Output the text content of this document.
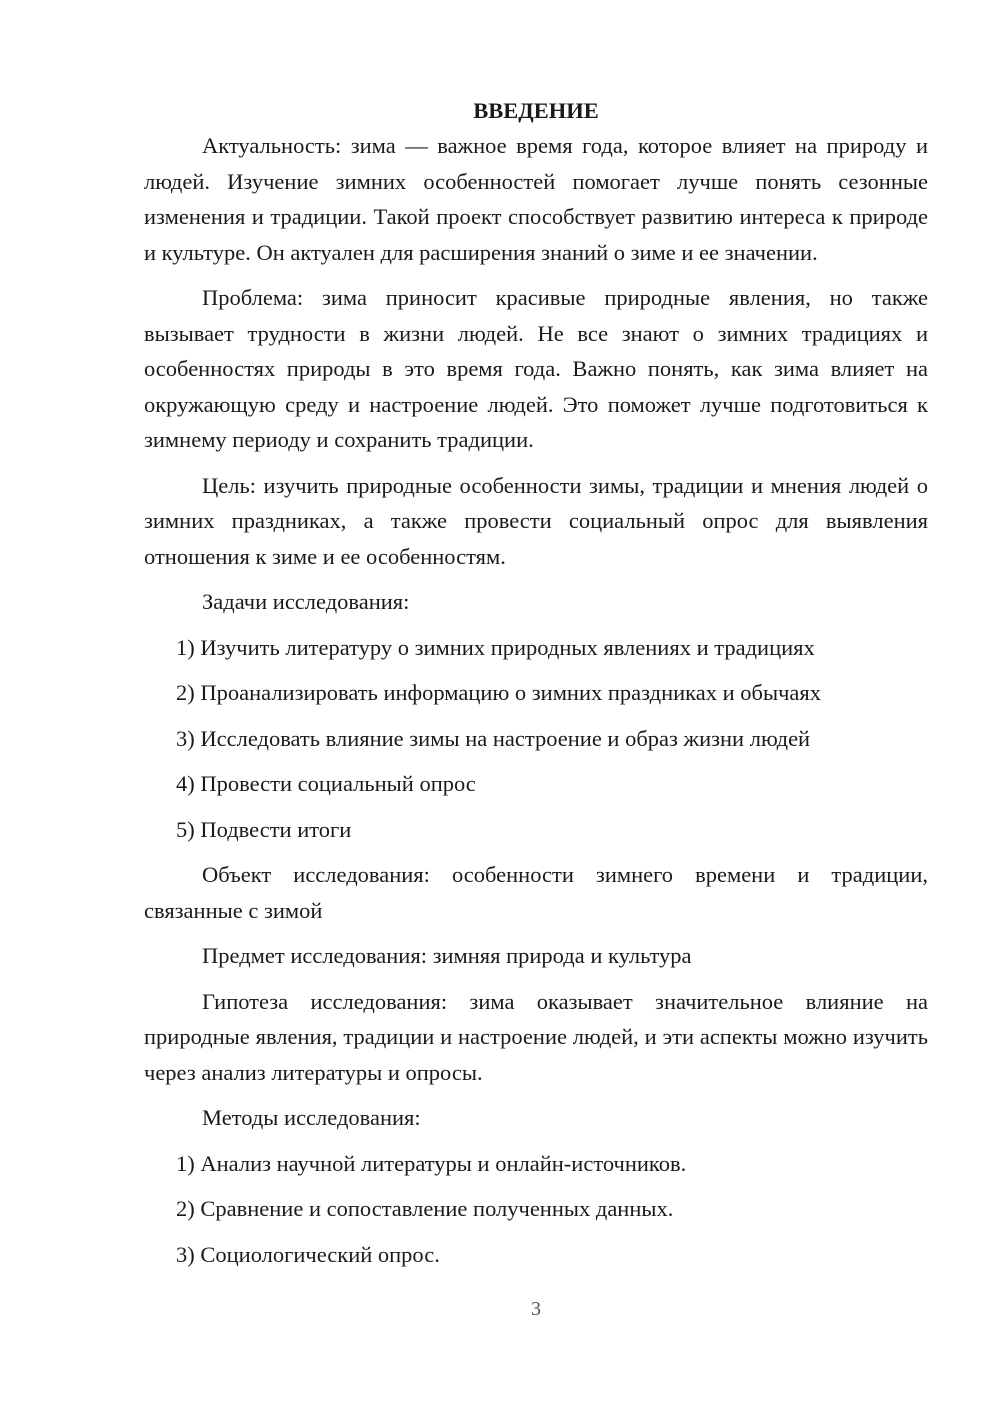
ВВЕДЕНИЕ

Актуальность: зима — важное время года, которое влияет на природу и людей. Изучение зимних особенностей помогает лучше понять сезонные изменения и традиции. Такой проект способствует развитию интереса к природе и культуре. Он актуален для расширения знаний о зиме и ее значении.

Проблема: зима приносит красивые природные явления, но также вызывает трудности в жизни людей. Не все знают о зимних традициях и особенностях природы в это время года. Важно понять, как зима влияет на окружающую среду и настроение людей. Это поможет лучше подготовиться к зимнему периоду и сохранить традиции.

Цель: изучить природные особенности зимы, традиции и мнения людей о зимних праздниках, а также провести социальный опрос для выявления отношения к зиме и ее особенностям.

Задачи исследования:

1) Изучить литературу о зимних природных явлениях и традициях
2) Проанализировать информацию о зимних праздниках и обычаях
3) Исследовать влияние зимы на настроение и образ жизни людей
4) Провести социальный опрос
5) Подвести итоги

Объект исследования: особенности зимнего времени и традиции, связанные с зимой

Предмет исследования: зимняя природа и культура

Гипотеза исследования: зима оказывает значительное влияние на природные явления, традиции и настроение людей, и эти аспекты можно изучить через анализ литературы и опросы.

Методы исследования:

1) Анализ научной литературы и онлайн-источников.
2) Сравнение и сопоставление полученных данных.
3) Социологический опрос.
3
